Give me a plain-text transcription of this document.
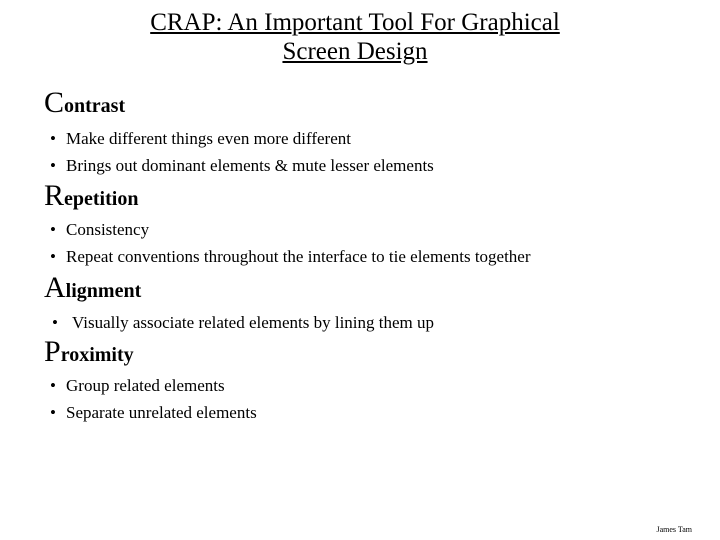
CRAP: An Important Tool For Graphical
Screen Design
Contrast
• Make different things even more different
• Brings out dominant elements & mute lesser elements
Repetition
• Consistency
• Repeat conventions throughout the interface to tie elements together
Alignment
• Visually associate related elements by lining them up
Proximity
• Group related elements
• Separate unrelated elements
James Tam
